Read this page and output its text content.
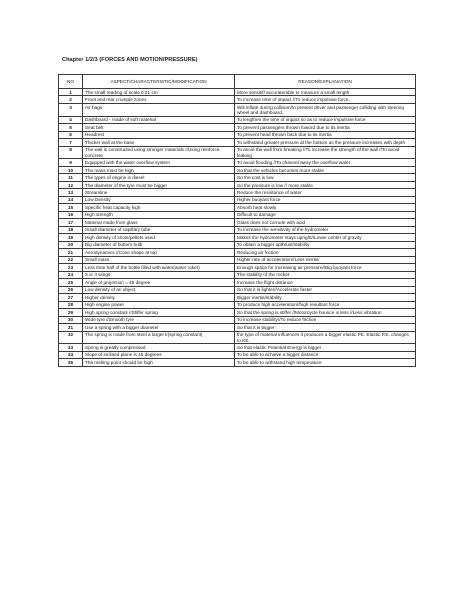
Chapter 1/2/3 (FORCES AND MOTION/PRESSURE)
NO	ASPECT/CHARACTERISTIC/MODIFICATION	REASON/EXPLANATION
1	The small reading of scale 0.01 cm	More sensitif/ accurate/able to measure a small length
2	Front and rear crumple zones	To increase time of impact //To reduce impulsive force.
3	Air bags	Will inflate during collision/to prevent driver and passenger colliding with steering wheel and dashboard.
4	Dashboard - made of soft material	To lengthen the time of impact so as to reduce impulsive force
5	Seat belt	To prevent passengers thrown foword due to its inertia
6	Headrest	To prevent head thrown back due to its inertia
7	Thicker wall at the base	To withstand greater pressure at the bottom as the pressure increases with depth
8	The wall is constructed using stronger materials //Using reinforce concrete	To avoid the wall from breaking //To increase the strength of the wall //To avoid leaking
9	Equipped with the water overflow system	To avoid flooding //To channel away the overflow water
10	The mass must be high	So that the vehicles becomes more stable
11	The types of engine is diesel	So the cost is low
12	The diameter of the tyre must be bigger	So the pressure is low // more stable
13	Streamline	Reduce the resistance of water
14	Low Density	Higher buoyant force
15	Specific heat capacity high	Absorb heat slowly
16	High strength	Difficult to damage
17	Material made from glass	Glass does not corrode with acid
18	Small diameter of capillary tube	To increase the sensitivity of the hydrometer
19	High density of shots/pellets used	Makes the hydrometer stays upright//Lower center of gravity
20	Big diameter of bottom bulb	To obtain a bigger upthrust/stability
21	Aerodynamics //Cone shape at top	Reducing air friction
22	Small mass	Higher rate of acceleration//Less inertia
23	Less than half of the bottle filled with water(water roket)	Enough space for increasing air pressure//Big buoyant force
24	3 or 4 wings	The stability of the rocket
25	Angle of projection = 45 degree	Increase the flight distance
26	Low density of an object	So that it is lighter//Accelerate faster
27	Higher density	Bigger inertia/stability
28	High engine power	To produce high acceleration//high resultant force
29	High spring constant //Stiffer spring	So that the spring is stiffer //Motorcycle bounce is less //Less vibration
30	Wide tyre //Smooth tyre	To increase stability//To reduce friction
31	Use a spring with a bigger diameter	So that it is bigger
32	The spring is made from steel a larger k(spring constant)	the type of material influences it produces a bigger elastic PE. Elastic P.E. changes to KE.
33	Spring is greatly compressed	So that elastic Potential Energy is bigger
34	Slope of inclined plane is 45 degrees	To be able to achieve a bigger distance
35	The melting point should be high	To be able to withstand high temperature
